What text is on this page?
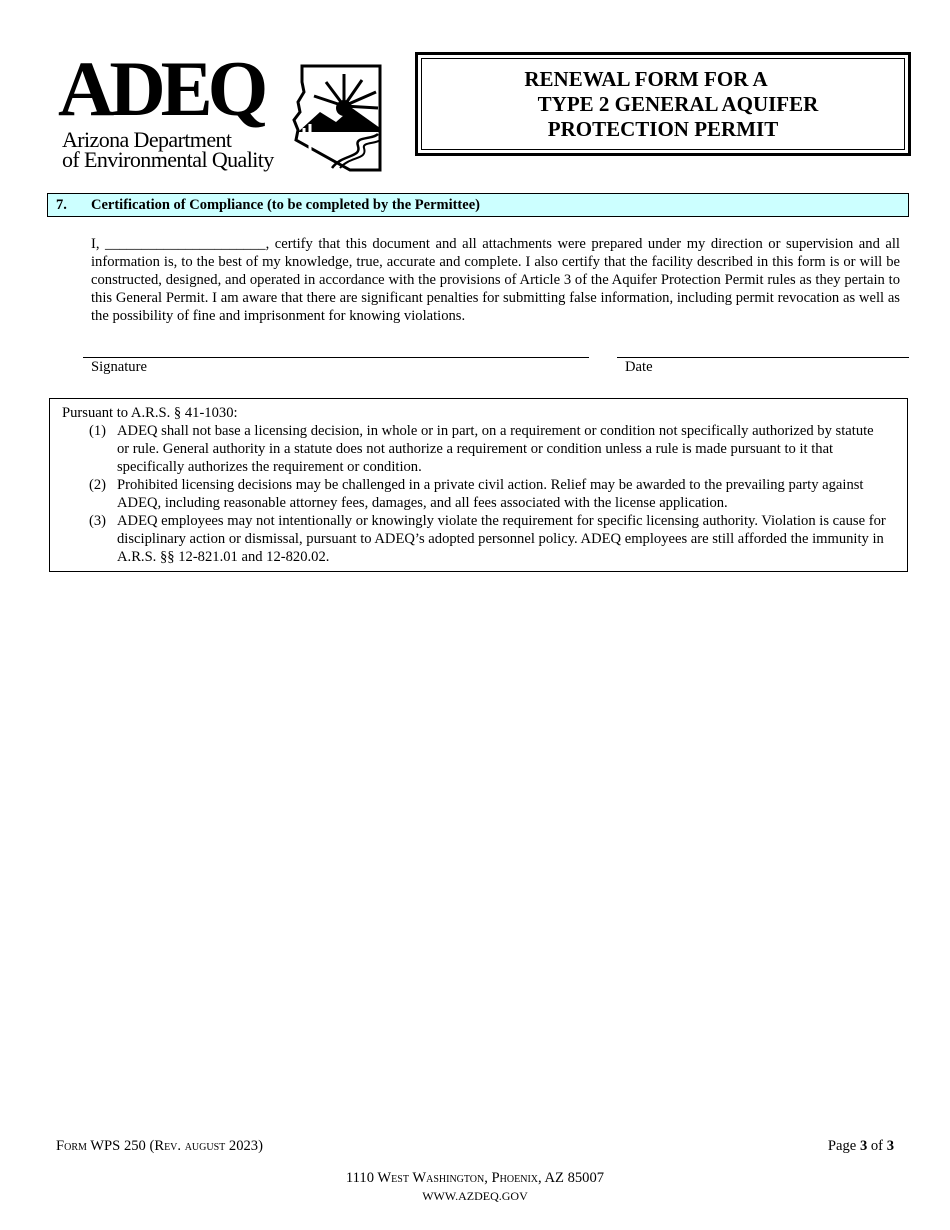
ADEQ
Arizona Department
of Environmental Quality
RENEWAL FORM FOR A
TYPE 2 GENERAL AQUIFER
PROTECTION PERMIT
7. Certification of Compliance (to be completed by the Permittee)
I, ______________________, certify that this document and all attachments were prepared under my direction or supervision and all information is, to the best of my knowledge, true, accurate and complete. I also certify that the facility described in this form is or will be constructed, designed, and operated in accordance with the provisions of Article 3 of the Aquifer Protection Permit rules as they pertain to this General Permit. I am aware that there are significant penalties for submitting false information, including permit revocation as well as the possibility of fine and imprisonment for knowing violations.
Signature	Date
Pursuant to A.R.S. § 41-1030:
(1) ADEQ shall not base a licensing decision, in whole or in part, on a requirement or condition not specifically authorized by statute or rule. General authority in a statute does not authorize a requirement or condition unless a rule is made pursuant to it that specifically authorizes the requirement or condition.
(2) Prohibited licensing decisions may be challenged in a private civil action. Relief may be awarded to the prevailing party against ADEQ, including reasonable attorney fees, damages, and all fees associated with the license application.
(3) ADEQ employees may not intentionally or knowingly violate the requirement for specific licensing authority. Violation is cause for disciplinary action or dismissal, pursuant to ADEQ’s adopted personnel policy. ADEQ employees are still afforded the immunity in A.R.S. §§ 12-821.01 and 12-820.02.
Form WPS 250 (Rev. august 2023)	Page 3 of 3
1110 West Washington, Phoenix, AZ 85007
WWW.AZDEQ.GOV
